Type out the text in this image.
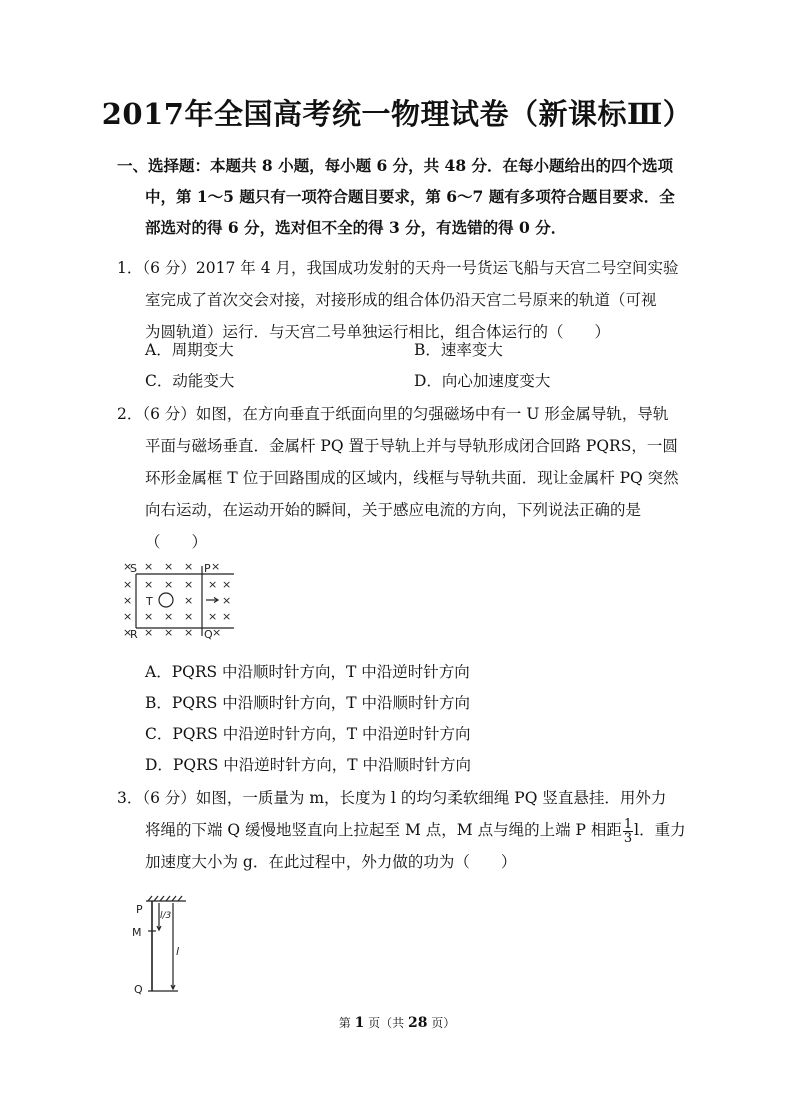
2017年全国高考统一物理试卷（新课标Ⅲ）
一、选择题：本题共 8 小题，每小题 6 分，共 48 分．在每小题给出的四个选项
中，第 1～5 题只有一项符合题目要求，第 6～7 题有多项符合题目要求．全
部选对的得 6 分，选对但不全的得 3 分，有选错的得 0 分．
1．（6 分）2017 年 4 月，我国成功发射的天舟一号货运飞船与天宫二号空间实验
室完成了首次交会对接，对接形成的组合体仍沿天宫二号原来的轨道（可视
为圆轨道）运行．与天宫二号单独运行相比，组合体运行的（　　）
A．周期变大	B．速率变大
C．动能变大	D．向心加速度变大
2．（6 分）如图，在方向垂直于纸面向里的匀强磁场中有一 U 形金属导轨，导轨
平面与磁场垂直．金属杆 PQ 置于导轨上并与导轨形成闭合回路 PQRS，一圆
环形金属框 T 位于回路围成的区域内，线框与导轨共面．现让金属杆 PQ 突然
向右运动，在运动开始的瞬间，关于感应电流的方向，下列说法正确的是
（　　）
×
S × × × P ×
× × × × × ×
× T	×	×
× × × × × ×
×
R × × × Q ×
A．PQRS 中沿顺时针方向，T 中沿逆时针方向
B．PQRS 中沿顺时针方向，T 中沿顺时针方向
C．PQRS 中沿逆时针方向，T 中沿逆时针方向
D．PQRS 中沿逆时针方向，T 中沿顺时针方向
3．（6 分）如图，一质量为 m，长度为 l 的均匀柔软细绳 PQ 竖直悬挂．用外力
将绳的下端 Q 缓慢地竖直向上拉起至 M 点，M 点与绳的上端 P 相距 $\frac{1}{3}$ l．重力
加速度大小为 g．在此过程中，外力做的功为（　　）
P
M
Q
l/3
l
第 1 页（共 28 页）
